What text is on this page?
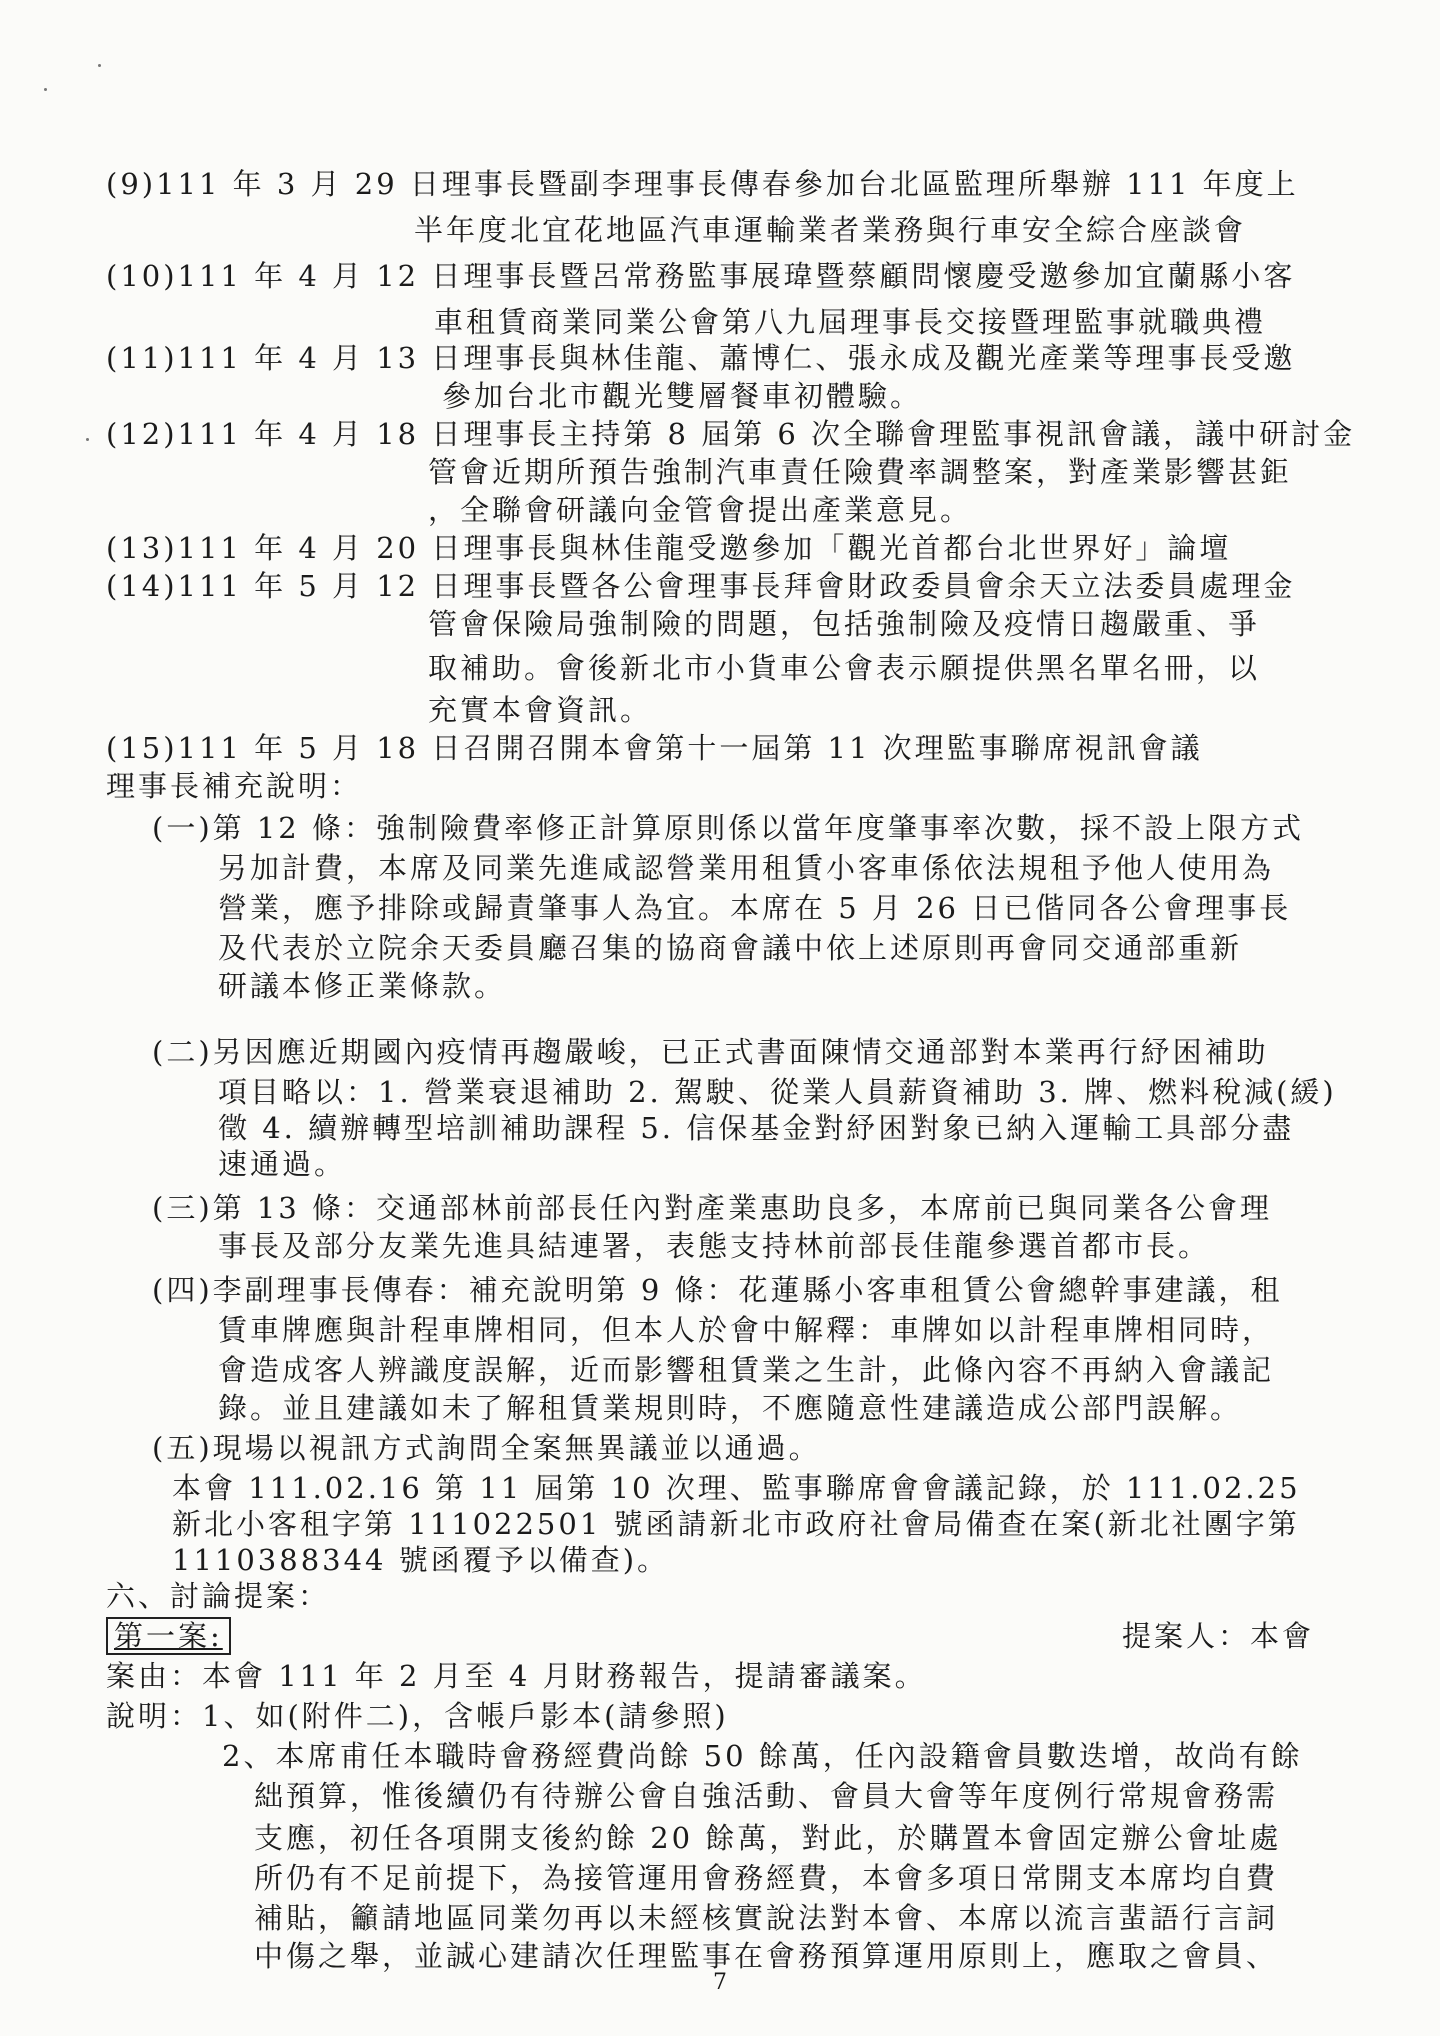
(9)111 年 3 月 29 日理事長暨副李理事長傳春參加台北區監理所舉辦 111 年度上
半年度北宜花地區汽車運輸業者業務與行車安全綜合座談會
(10)111 年 4 月 12 日理事長暨呂常務監事展瑋暨蔡顧問懷慶受邀參加宜蘭縣小客
車租賃商業同業公會第八九屆理事長交接暨理監事就職典禮
(11)111 年 4 月 13 日理事長與林佳龍、蕭博仁、張永成及觀光產業等理事長受邀
參加台北市觀光雙層餐車初體驗。
(12)111 年 4 月 18 日理事長主持第 8 屆第 6 次全聯會理監事視訊會議，議中研討金
管會近期所預告強制汽車責任險費率調整案，對產業影響甚鉅
，全聯會研議向金管會提出產業意見。
(13)111 年 4 月 20 日理事長與林佳龍受邀參加「觀光首都台北世界好」論壇
(14)111 年 5 月 12 日理事長暨各公會理事長拜會財政委員會余天立法委員處理金
管會保險局強制險的問題，包括強制險及疫情日趨嚴重、爭
取補助。會後新北市小貨車公會表示願提供黑名單名冊，以
充實本會資訊。
(15)111 年 5 月 18 日召開召開本會第十一屆第 11 次理監事聯席視訊會議
理事長補充說明：
(一)第 12 條：強制險費率修正計算原則係以當年度肇事率次數，採不設上限方式
另加計費，本席及同業先進咸認營業用租賃小客車係依法規租予他人使用為
營業，應予排除或歸責肇事人為宜。本席在 5 月 26 日已偕同各公會理事長
及代表於立院余天委員廳召集的協商會議中依上述原則再會同交通部重新
研議本修正業條款。
(二)另因應近期國內疫情再趨嚴峻，已正式書面陳情交通部對本業再行紓困補助
項目略以：1. 營業衰退補助 2. 駕駛、從業人員薪資補助 3. 牌、燃料稅減(緩)
徵 4. 續辦轉型培訓補助課程 5. 信保基金對紓困對象已納入運輸工具部分盡
速通過。
(三)第 13 條：交通部林前部長任內對產業惠助良多，本席前已與同業各公會理
事長及部分友業先進具結連署，表態支持林前部長佳龍參選首都市長。
(四)李副理事長傳春：補充說明第 9 條：花蓮縣小客車租賃公會總幹事建議，租
賃車牌應與計程車牌相同，但本人於會中解釋：車牌如以計程車牌相同時，
會造成客人辨識度誤解，近而影響租賃業之生計，此條內容不再納入會議記
錄。並且建議如未了解租賃業規則時，不應隨意性建議造成公部門誤解。
(五)現場以視訊方式詢問全案無異議並以通過。
本會 111.02.16 第 11 屆第 10 次理、監事聯席會會議記錄，於 111.02.25
新北小客租字第 111022501 號函請新北市政府社會局備查在案(新北社團字第
1110388344 號函覆予以備查)。
六、討論提案：
第一案:	提案人：本會
案由：本會 111 年 2 月至 4 月財務報告，提請審議案。
說明：1、如(附件二)，含帳戶影本(請參照)
2、本席甫任本職時會務經費尚餘 50 餘萬，任內設籍會員數迭增，故尚有餘
絀預算，惟後續仍有待辦公會自強活動、會員大會等年度例行常規會務需
支應，初任各項開支後約餘 20 餘萬，對此，於購置本會固定辦公會址處
所仍有不足前提下，為接管運用會務經費，本會多項日常開支本席均自費
補貼，籲請地區同業勿再以未經核實說法對本會、本席以流言蜚語行言詞
中傷之舉，並誠心建請次任理監事在會務預算運用原則上，應取之會員、
7
